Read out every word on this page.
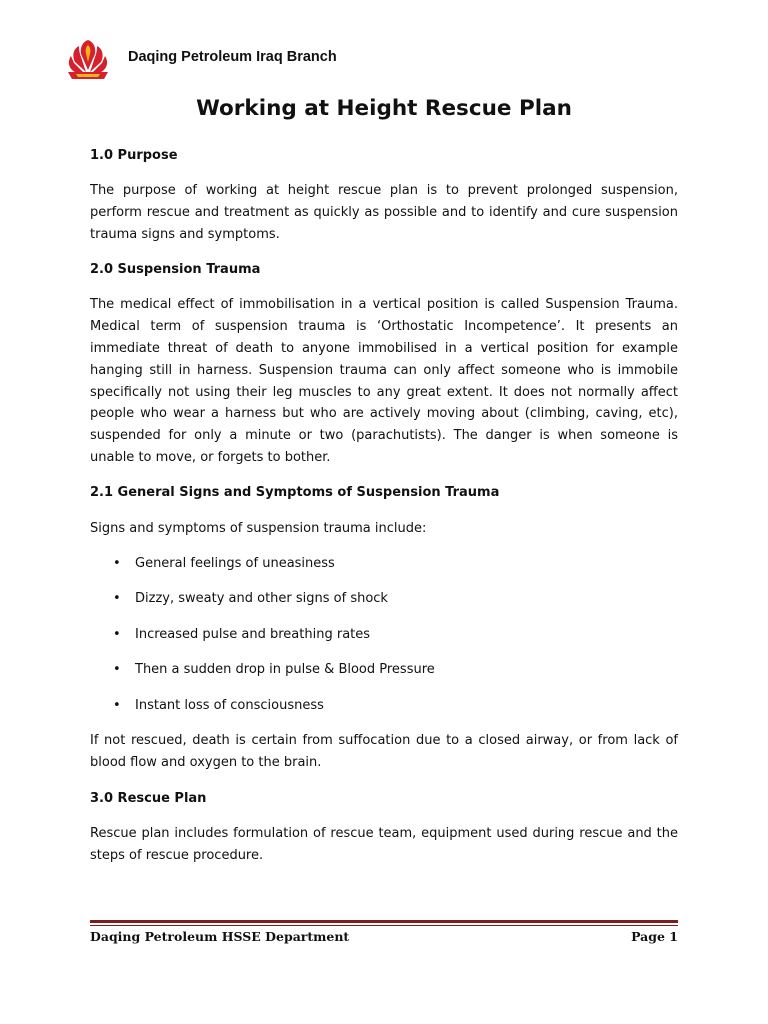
Daqing Petroleum Iraq Branch
Working at Height Rescue Plan

1.0 Purpose

The purpose of working at height rescue plan is to prevent prolonged suspension, perform rescue and treatment as quickly as possible and to identify and cure suspension trauma signs and symptoms.

2.0 Suspension Trauma

The medical effect of immobilisation in a vertical position is called Suspension Trauma. Medical term of suspension trauma is ‘Orthostatic Incompetence’. It presents an immediate threat of death to anyone immobilised in a vertical position for example hanging still in harness. Suspension trauma can only affect someone who is immobile specifically not using their leg muscles to any great extent. It does not normally affect people who wear a harness but who are actively moving about (climbing, caving, etc), suspended for only a minute or two (parachutists). The danger is when someone is unable to move, or forgets to bother.

2.1 General Signs and Symptoms of Suspension Trauma

Signs and symptoms of suspension trauma include:

• General feelings of uneasiness
• Dizzy, sweaty and other signs of shock
• Increased pulse and breathing rates
• Then a sudden drop in pulse & Blood Pressure
• Instant loss of consciousness

If not rescued, death is certain from suffocation due to a closed airway, or from lack of blood flow and oxygen to the brain.

3.0 Rescue Plan

Rescue plan includes formulation of rescue team, equipment used during rescue and the steps of rescue procedure.

Daqing Petroleum HSSE Department	Page 1
